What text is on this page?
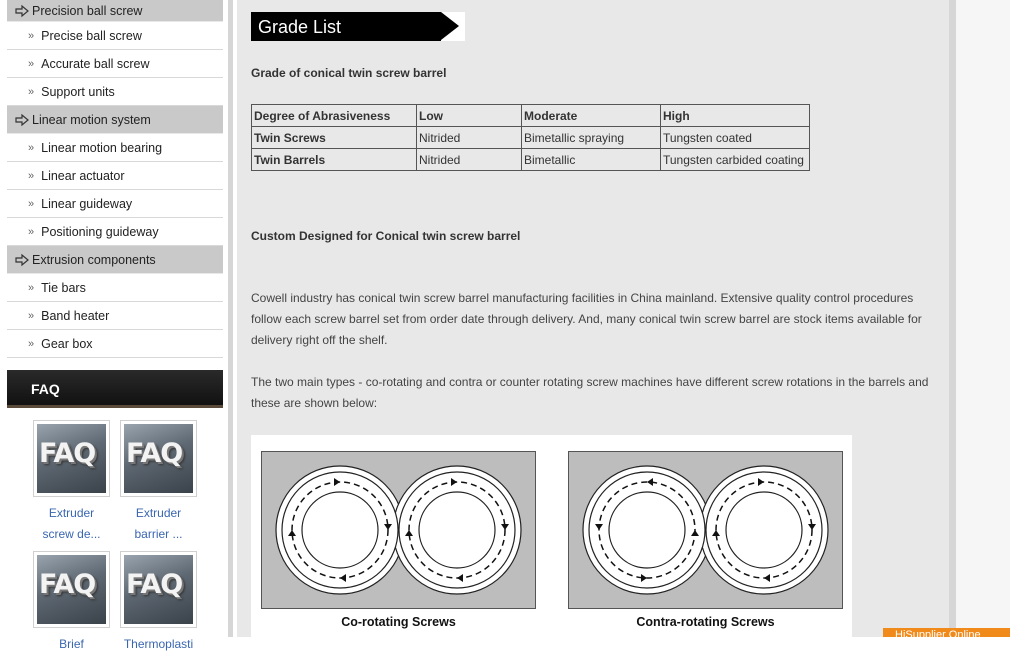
Precision ball screw
» Precise ball screw
» Accurate ball screw
» Support units
Linear motion system
» Linear motion bearing
» Linear actuator
» Linear guideway
» Positioning guideway
Extrusion components
» Tie bars
» Band heater
» Gear box
FAQ
FAQ
Extruder
screw de...
FAQ
Extruder
barrier ...
FAQ
Brief
FAQ
Thermoplasti
Grade List
Grade of conical twin screw barrel
Degree of Abrasiveness	Low	Moderate	High
Twin Screws	Nitrided	Bimetallic spraying	Tungsten coated
Twin Barrels	Nitrided	Bimetallic	Tungsten carbided coating
Custom Designed for Conical twin screw barrel
Cowell industry has conical twin screw barrel manufacturing facilities in China mainland. Extensive quality control procedures follow each screw barrel set from order date through delivery. And, many conical twin screw barrel are stock items available for delivery right off the shelf.
The two main types - co-rotating and contra or counter rotating screw machines have different screw rotations in the barrels and these are shown below:
Co-rotating Screws	Contra-rotating Screws
HiSupplier Online
